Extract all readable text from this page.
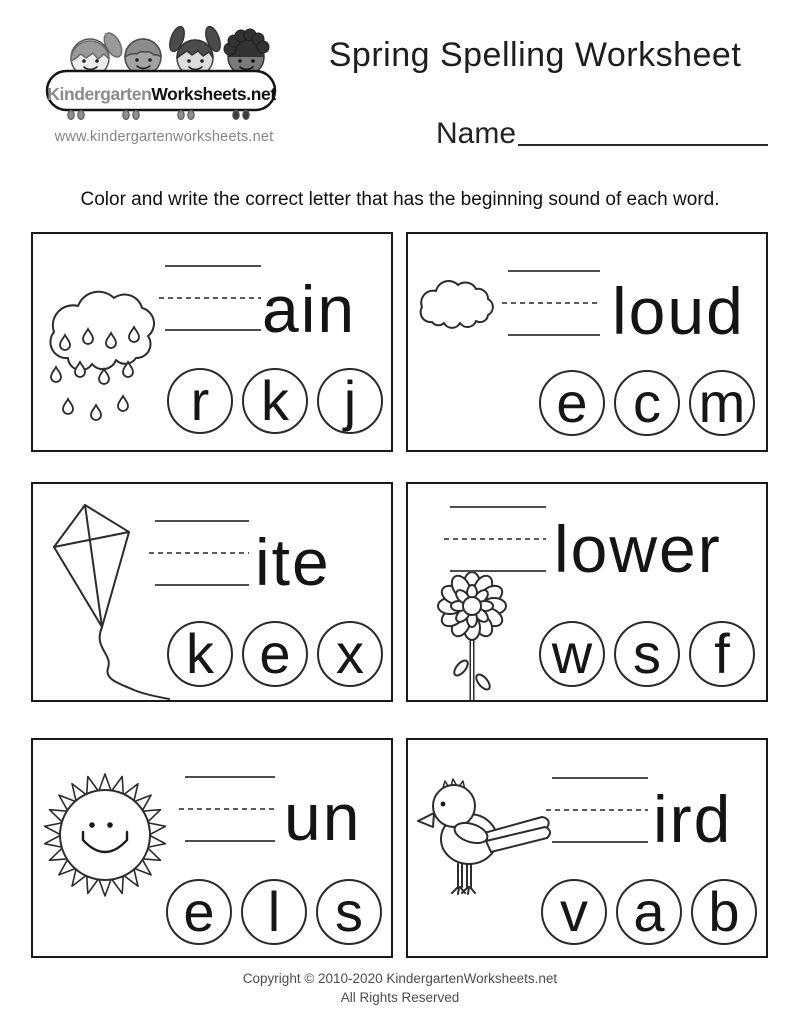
Kindergarten Worksheets.net
www.kindergartenworksheets.net
Spring Spelling Worksheet
Name
Color and write the correct letter that has the beginning sound of each word.
ain
r k j
loud
e c m
ite
k e x
lower
w s f
un
e l s
ird
v a b
Copyright © 2010-2020 KindergartenWorksheets.net
All Rights Reserved
